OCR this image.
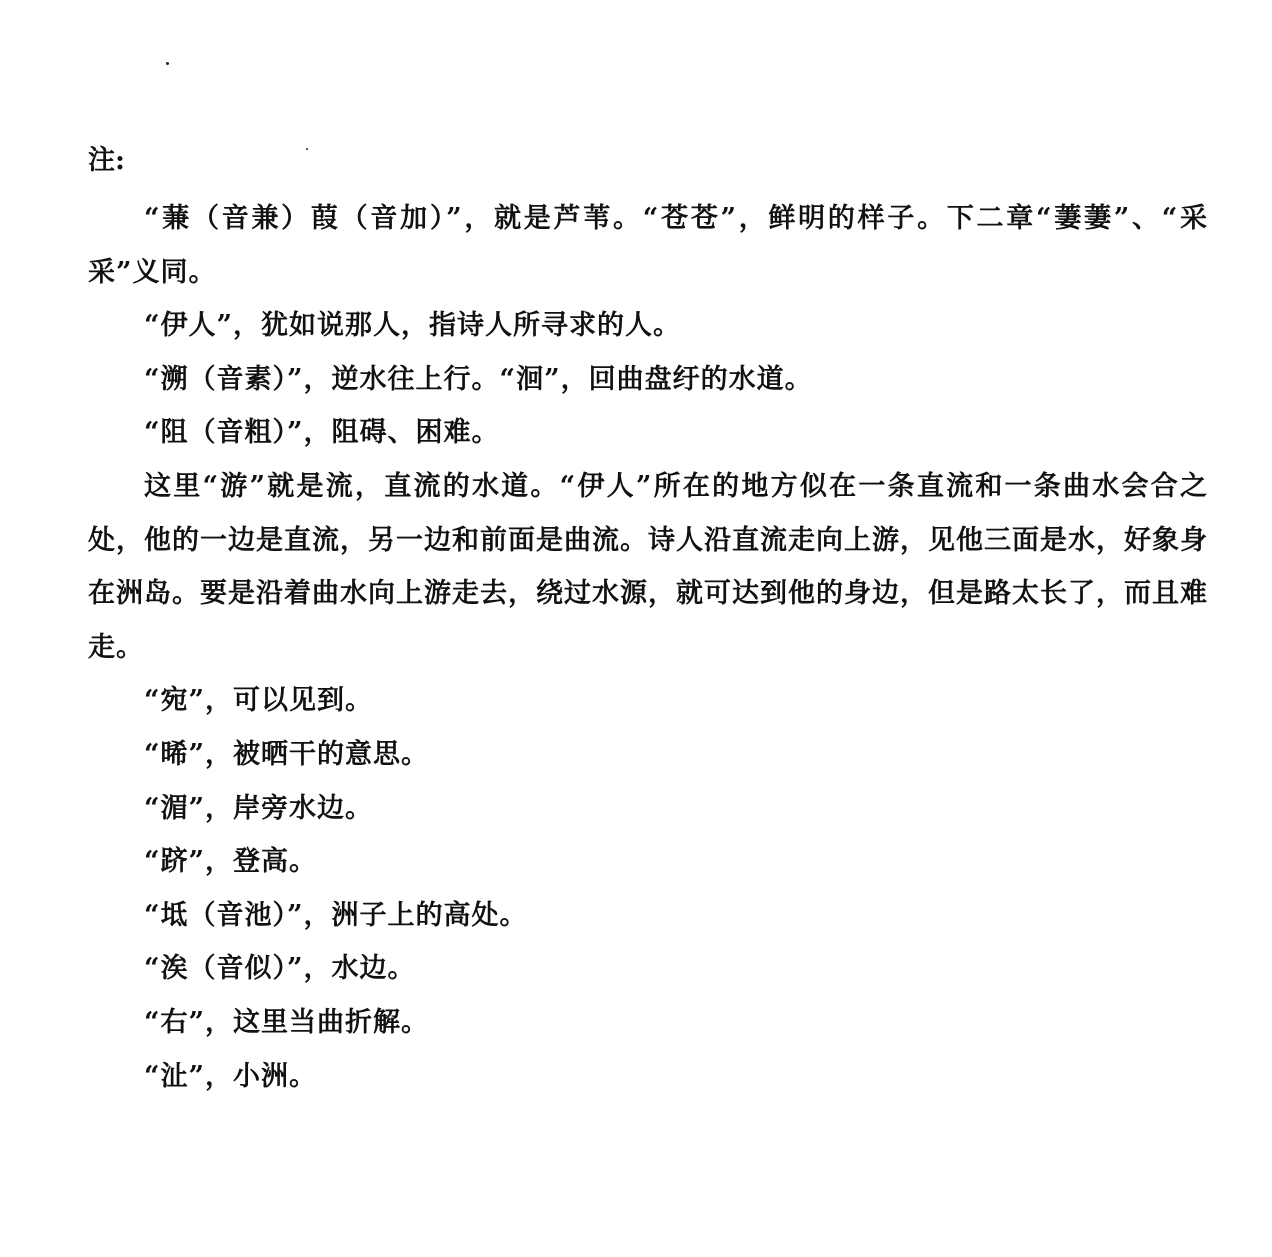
注:

“蒹（音兼）葭（音加）”，就是芦苇。“苍苍”，鲜明的样子。下二章“萋萋”、“采采”义同。

“伊人”，犹如说那人，指诗人所寻求的人。

“溯（音素）”，逆水往上行。“洄”，回曲盘纡的水道。

“阻（音粗）”，阻碍、困难。

这里“游”就是流，直流的水道。“伊人”所在的地方似在一条直流和一条曲水会合之处，他的一边是直流，另一边和前面是曲流。诗人沿直流走向上游，见他三面是水，好象身在洲岛。要是沿着曲水向上游走去，绕过水源，就可达到他的身边，但是路太长了，而且难走。

“宛”，可以见到。

“晞”，被晒干的意思。

“湄”，岸旁水边。

“跻”，登高。

“坻（音池）”，洲子上的高处。

“涘（音似）”，水边。

“右”，这里当曲折解。

“沚”，小洲。
